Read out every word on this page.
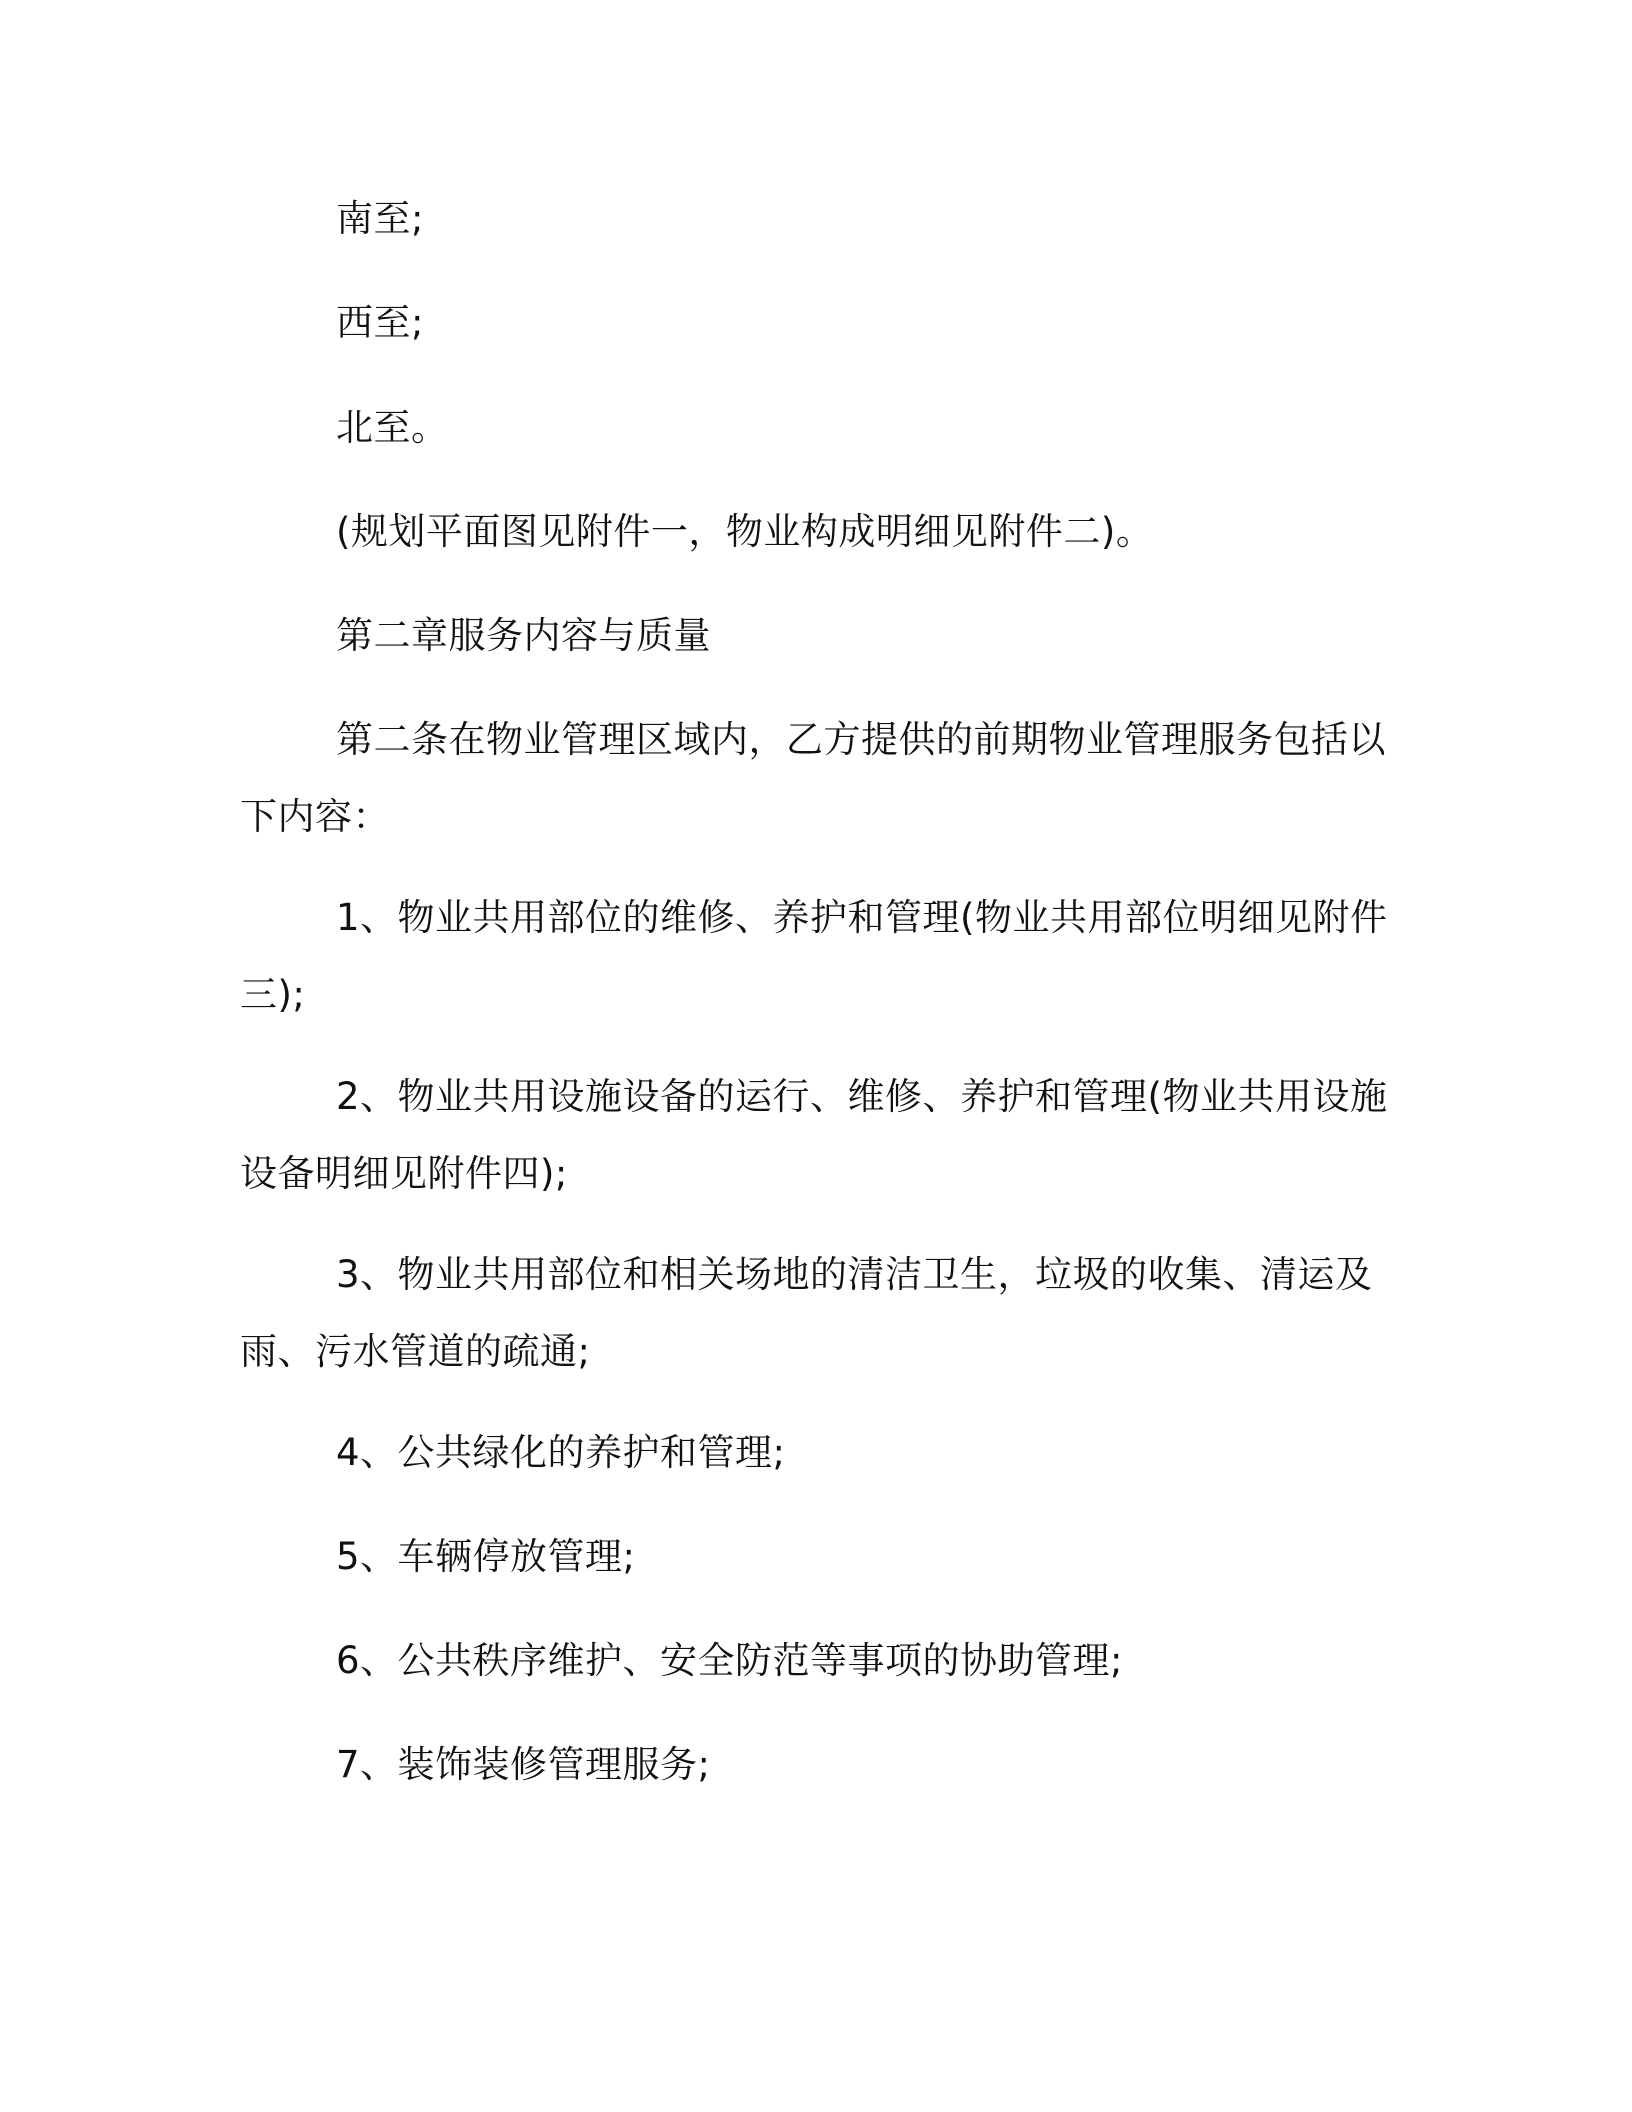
南至;

西至;

北至。

(规划平面图见附件一，物业构成明细见附件二)。

第二章服务内容与质量

第二条在物业管理区域内，乙方提供的前期物业管理服务包括以下内容：

1、物业共用部位的维修、养护和管理(物业共用部位明细见附件三);

2、物业共用设施设备的运行、维修、养护和管理(物业共用设施设备明细见附件四);

3、物业共用部位和相关场地的清洁卫生，垃圾的收集、清运及雨、污水管道的疏通;

4、公共绿化的养护和管理;

5、车辆停放管理;

6、公共秩序维护、安全防范等事项的协助管理;

7、装饰装修管理服务;
